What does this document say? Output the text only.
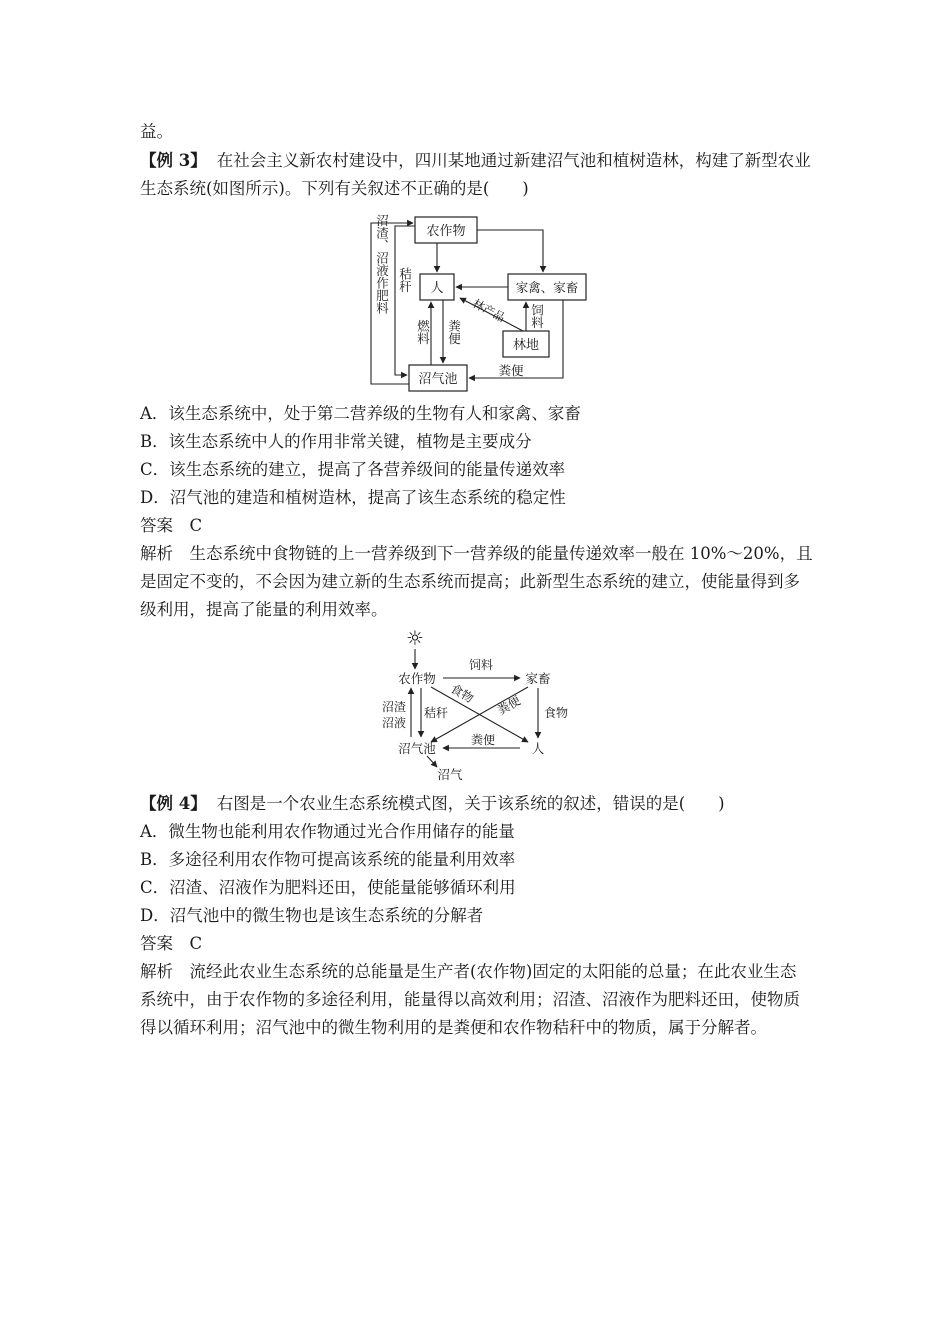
益。
【例 3】 在社会主义新农村建设中，四川某地通过新建沼气池和植树造林，构建了新型农业
生态系统(如图所示)。下列有关叙述不正确的是(　　)
农作物
人	家禽、家畜
林地
沼气池
沼渣、沼液作肥料 秸秆
燃料 粪便
饲料
粪便
林产品
A．该生态系统中，处于第二营养级的生物有人和家禽、家畜
B．该生态系统中人的作用非常关键，植物是主要成分
C．该生态系统的建立，提高了各营养级间的能量传递效率
D．沼气池的建造和植树造林，提高了该生态系统的稳定性
答案　C
解析　生态系统中食物链的上一营养级到下一营养级的能量传递效率一般在 10%～20%，且
是固定不变的，不会因为建立新的生态系统而提高；此新型生态系统的建立，使能量得到多
级利用，提高了能量的利用效率。
☼
农作物	家畜
人
沼气池
沼气
饲料
食物
粪便
食物 粪便
沼渣
沼液
秸秆
【例 4】 右图是一个农业生态系统模式图，关于该系统的叙述，错误的是(　　)
A．微生物也能利用农作物通过光合作用储存的能量
B．多途径利用农作物可提高该系统的能量利用效率
C．沼渣、沼液作为肥料还田，使能量能够循环利用
D．沼气池中的微生物也是该生态系统的分解者
答案　C
解析　流经此农业生态系统的总能量是生产者(农作物)固定的太阳能的总量；在此农业生态
系统中，由于农作物的多途径利用，能量得以高效利用；沼渣、沼液作为肥料还田，使物质
得以循环利用；沼气池中的微生物利用的是粪便和农作物秸秆中的物质，属于分解者。
